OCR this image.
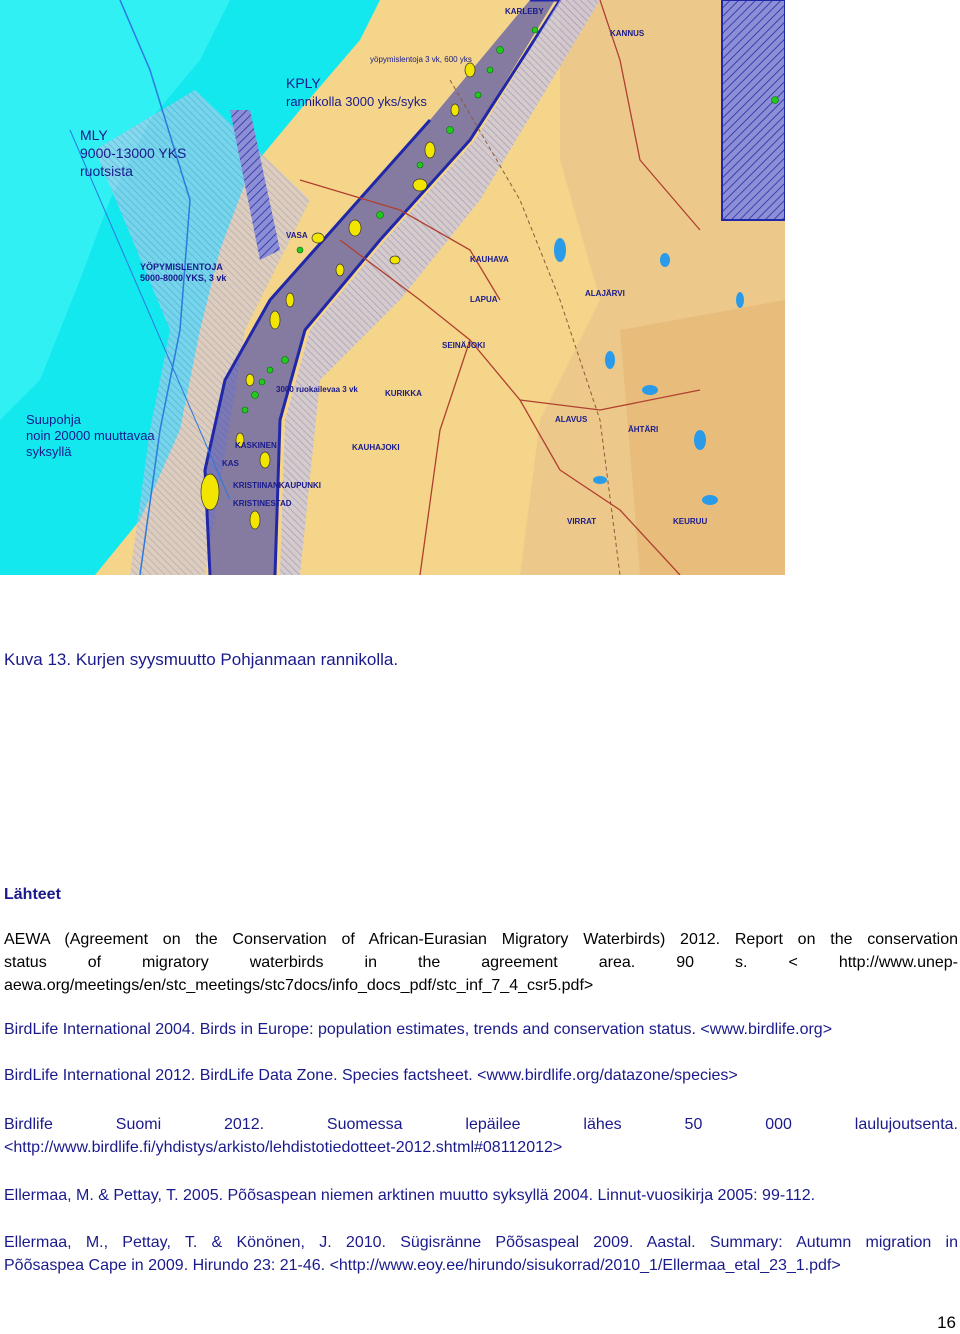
KANNUS
KARLEBY
KAUHAVA
LAPUA
ALAJÄRVI
SEINÄJOKI
KURIKKA
ALAVUS
ÄHTÄRI
KAUHAJOKI
VIRRAT	KEURUU
VASA
KASKINEN
KAS
KRISTIINANKAUPUNKI
KRISTINESTAD
MLY
9000-13000 YKS
ruotsista
KPLY
rannikolla 3000 yks/syks
yöpymislentoja 3 vk, 600 yks
YÖPYMISLENTOJA
5000-8000 YKS, 3 vk
Suupohja
noin 20000 muuttavaa
syksyllä
3000 ruokailevaa 3 vk
Kuva 13. Kurjen syysmuutto Pohjanmaan rannikolla.
Lähteet
AEWA (Agreement on the Conservation of African-Eurasian Migratory Waterbirds) 2012. Report on the conservation
status of migratory waterbirds in the agreement area. 90 s. < http://www.unep-
aewa.org/meetings/en/stc_meetings/stc7docs/info_docs_pdf/stc_inf_7_4_csr5.pdf>
BirdLife International 2004. Birds in Europe: population estimates, trends and conservation status. <www.birdlife.org>
BirdLife International 2012. BirdLife Data Zone. Species factsheet. <www.birdlife.org/datazone/species>
Birdlife Suomi 2012. Suomessa lepäilee lähes 50 000 laulujoutsenta.
<http://www.birdlife.fi/yhdistys/arkisto/lehdistotiedotteet-2012.shtml#08112012>
Ellermaa, M. & Pettay, T. 2005. Põõsaspean niemen arktinen muutto syksyllä 2004. Linnut-vuosikirja 2005: 99-112.
Ellermaa, M., Pettay, T. & Könönen, J. 2010. Sügisränne Põõsaspeal 2009. Aastal. Summary: Autumn migration in
Põõsaspea Cape in 2009. Hirundo 23: 21-46. <http://www.eoy.ee/hirundo/sisukorrad/2010_1/Ellermaa_etal_23_1.pdf>
16
